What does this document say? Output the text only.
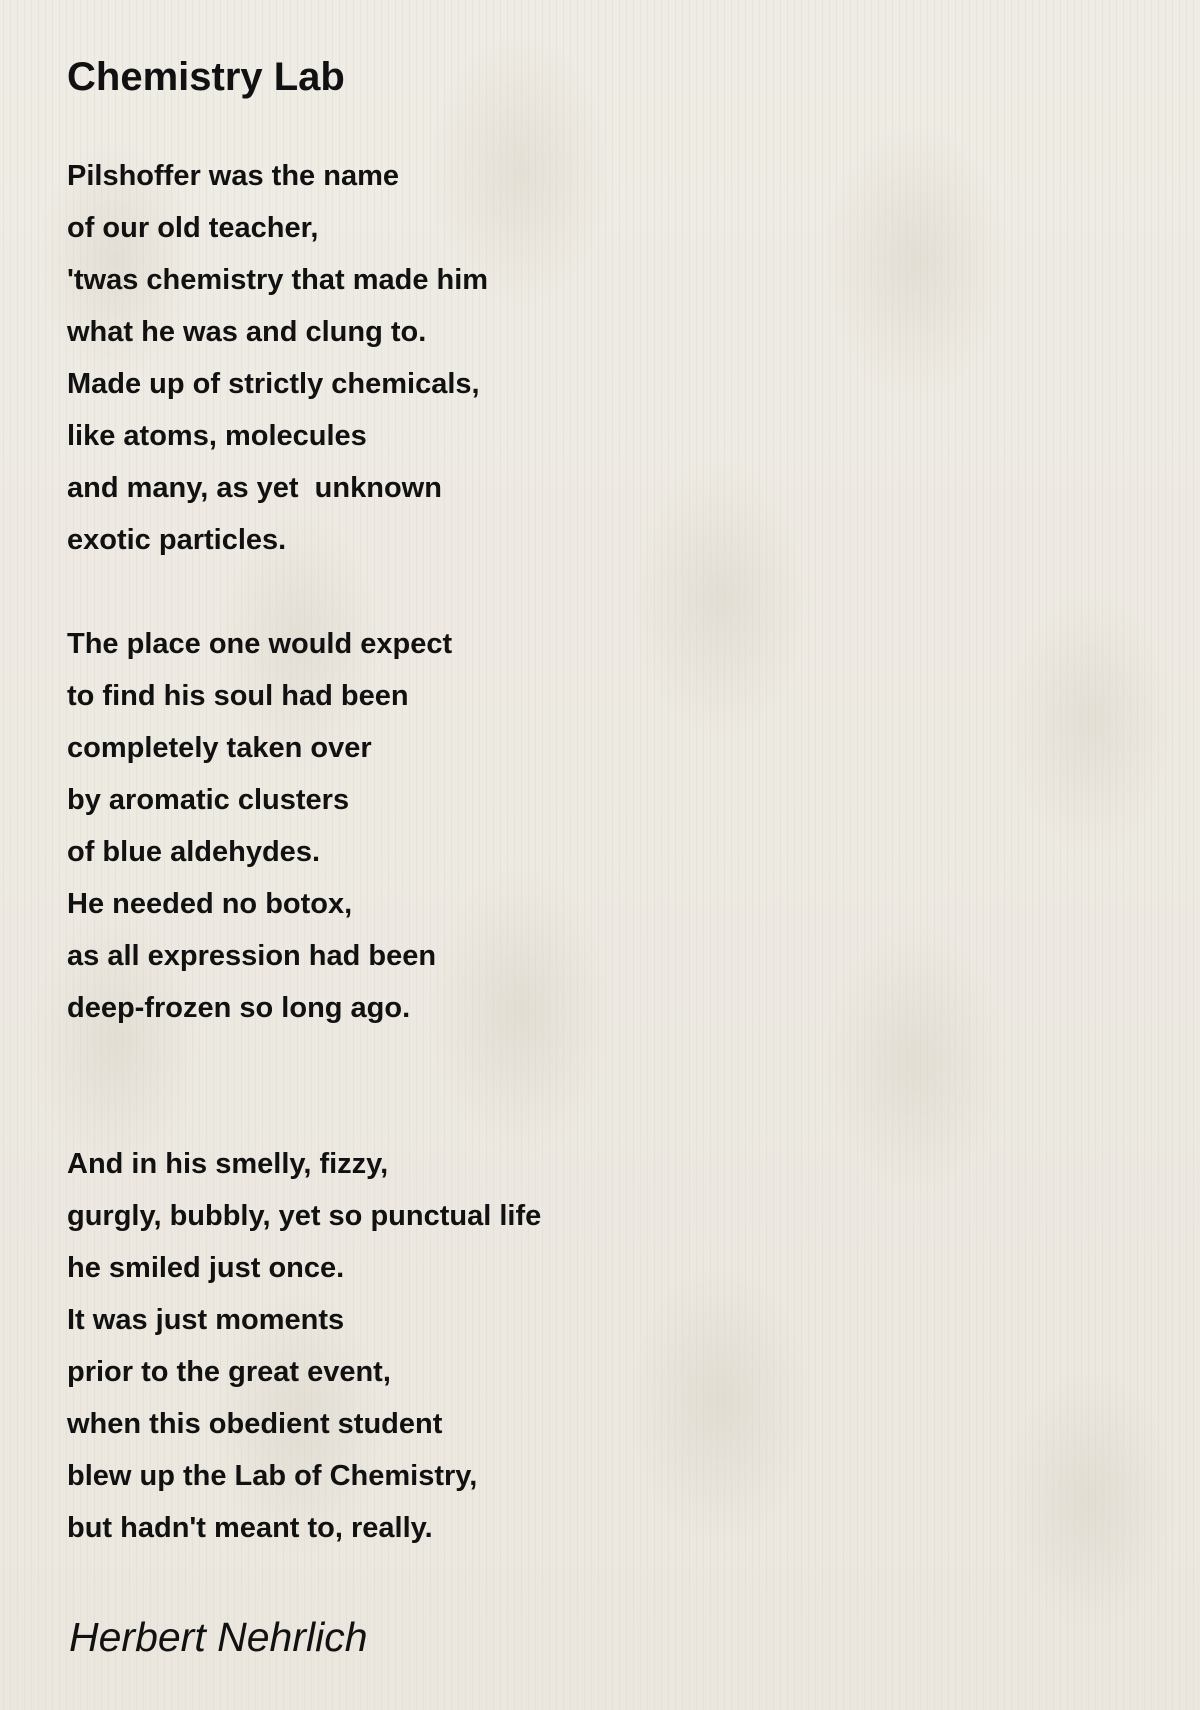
Chemistry Lab
Pilshoffer was the name
of our old teacher,
'twas chemistry that made him
what he was and clung to.
Made up of strictly chemicals,
like atoms, molecules
and many, as yet  unknown
exotic particles.
The place one would expect
to find his soul had been
completely taken over
by aromatic clusters
of blue aldehydes.
He needed no botox,
as all expression had been
deep-frozen so long ago.
And in his smelly, fizzy,
gurgly, bubbly, yet so punctual life
he smiled just once.
It was just moments
prior to the great event,
when this obedient student
blew up the Lab of Chemistry,
but hadn't meant to, really.

Herbert Nehrlich
